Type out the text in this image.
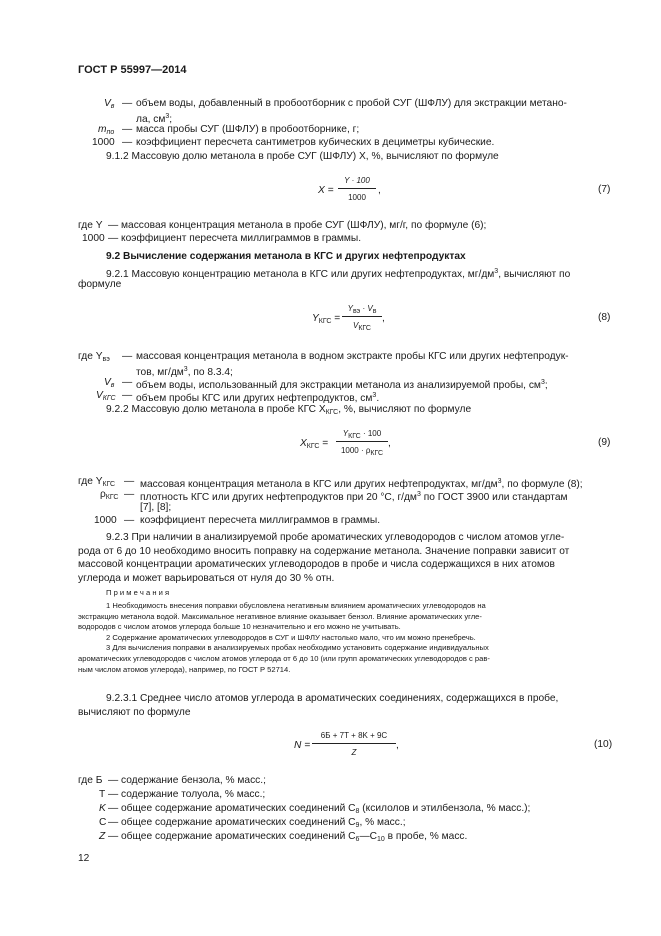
ГОСТ Р 55997—2014
$V_в$ — объем воды, добавленный в пробоотборник с пробой СУГ (ШФЛУ) для экстракции метано-
ла, $см^3$;
$m_{по}$ — масса пробы СУГ (ШФЛУ) в пробоотборнике, г;
1000 — коэффициент пересчета сантиметров кубических в дециметры кубические.
9.1.2 Массовую долю метанола в пробе СУГ (ШФЛУ) X, %, вычисляют по формуле
X =
Y · 100
1000
,	(7)
где Y — массовая концентрация метанола в пробе СУГ (ШФЛУ), мг/г, по формуле (6);
1000 — коэффициент пересчета миллиграммов в граммы.
9.2 Вычисление содержания метанола в КГС и других нефтепродуктах
9.2.1 Массовую концентрацию метанола в КГС или других нефтепродуктах, $мг/дм^3$, вычисляют по
формуле
$Y_{КГС}$ =
Yвэ · Vв
VКГС
,	(8)
где $Y_{вэ}$ — массовая концентрация метанола в водном экстракте пробы КГС или других нефтепродук-
тов, $мг/дм^3$, по 8.3.4;
$V_в$ — объем воды, использованный для экстракции метанола из анализируемой пробы, $см^3$;
$V_{КГС}$ — объем пробы КГС или других нефтепродуктов, $см^3$.
9.2.2 Массовую долю метанола в пробе КГС $X_{КГС}$, %, вычисляют по формуле
$X_{КГС}$ =
YКГС · 100
1000 · ρКГС
,	(9)
где $Y_{КГС}$ — массовая концентрация метанола в КГС или других нефтепродуктах, $мг/дм^3$, по формуле (8);
$\rho_{КГС}$ — плотность КГС или других нефтепродуктов при 20 °С, $г/дм^3$ по ГОСТ 3900 или стандартам
[7], [8];
1000 — коэффициент пересчета миллиграммов в граммы.
9.2.3 При наличии в анализируемой пробе ароматических углеводородов с числом атомов угле-
рода от 6 до 10 необходимо вносить поправку на содержание метанола. Значение поправки зависит от
массовой концентрации ароматических углеводородов в пробе и числа содержащихся в них атомов
углерода и может варьироваться от нуля до 30 % отн.
П р и м е ч а н и я
1 Необходимость внесения поправки обусловлена негативным влиянием ароматических углеводородов на
экстракцию метанола водой. Максимальное негативное влияние оказывает бензол. Влияние ароматических угле-
водородов с числом атомов углерода больше 10 незначительно и его можно не учитывать.
2 Содержание ароматических углеводородов в СУГ и ШФЛУ настолько мало, что им можно пренебречь.
3 Для вычисления поправки в анализируемых пробах необходимо установить содержание индивидуальных
ароматических углеводородов с числом атомов углерода от 6 до 10 (или групп ароматических углеводородов с рав-
ным числом атомов углерода), например, по ГОСТ Р 52714.
9.2.3.1 Среднее число атомов углерода в ароматических соединениях, содержащихся в пробе,
вычисляют по формуле
N =
6Б + 7Т + 8K + 9С
Z
,	(10)
где Б — содержание бензола, % масс.;
Т — содержание толуола, % масс.;
K — общее содержание ароматических соединений $С_8$ (ксилолов и этилбензола, % масс.);
С — общее содержание ароматических соединений $С_9$, % масс.;
Z — общее содержание ароматических соединений $С_6—С_{10}$ в пробе, % масс.
12
